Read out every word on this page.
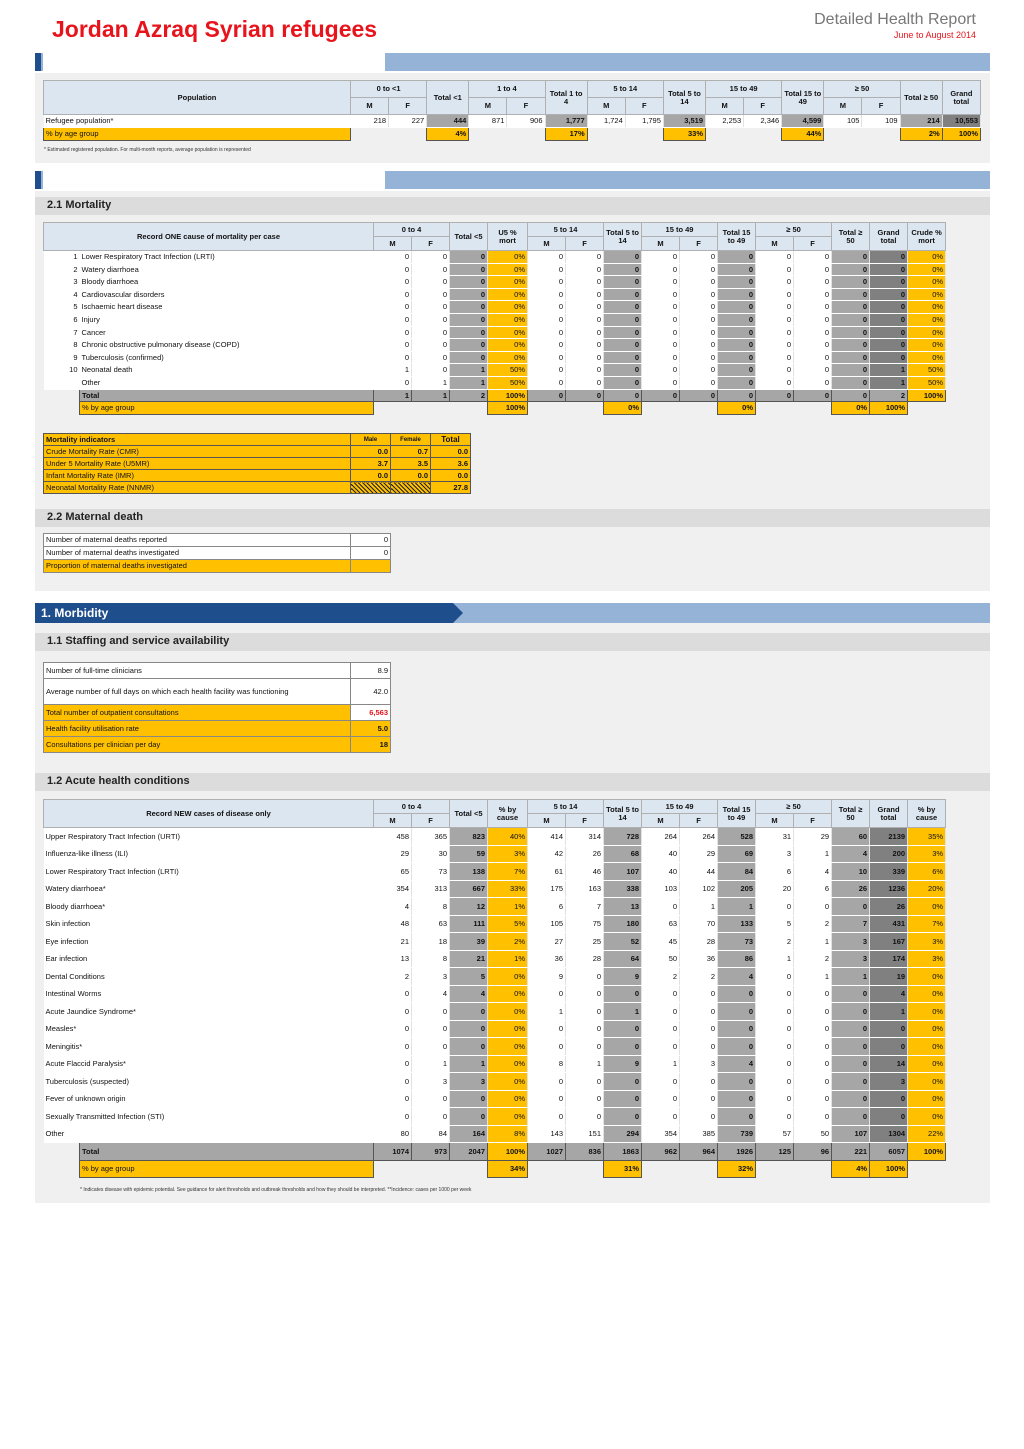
Jordan Azraq Syrian refugees	Detailed Health Report
June to August 2014
Population	0 to <1		Total <1	1 to 4		Total 1 to 4	5 to 14		Total 5 to 14	15 to 49		Total 15 to 49	≥ 50		Total ≥ 50	Grand total
	M	F		M	F		M	F		M	F		M	F		
Refugee population*	218	227	444	871	906	1,777	1,724	1,795	3,519	2,253	2,346	4,599	105	109	214	10,553
% by age group			4%			17%			33%			44%			2%	100%
* Estimated registered population. For multi-month reports, average population is represented
2.1 Mortality
Record ONE cause of mortality per case		0 to 4		Total <5	U5 % mort	5 to 14		Total 5 to 14	15 to 49		Total 15 to 49	≥ 50		Total ≥ 50	Grand total	Crude % mort
		M	F			M	F		M	F		M	F			
1	Lower Respiratory Tract Infection (LRTI)	0	0	0	0%	0	0	0	0	0	0	0	0	0	0	0%
2	Watery diarrhoea	0	0	0	0%	0	0	0	0	0	0	0	0	0	0	0%
3	Bloody diarrhoea	0	0	0	0%	0	0	0	0	0	0	0	0	0	0	0%
4	Cardiovascular disorders	0	0	0	0%	0	0	0	0	0	0	0	0	0	0	0%
5	Ischaemic heart disease	0	0	0	0%	0	0	0	0	0	0	0	0	0	0	0%
6	Injury	0	0	0	0%	0	0	0	0	0	0	0	0	0	0	0%
7	Cancer	0	0	0	0%	0	0	0	0	0	0	0	0	0	0	0%
8	Chronic obstructive pulmonary disease (COPD)	0	0	0	0%	0	0	0	0	0	0	0	0	0	0	0%
9	Tuberculosis (confirmed)	0	0	0	0%	0	0	0	0	0	0	0	0	0	0	0%
10	Neonatal death	1	0	1	50%	0	0	0	0	0	0	0	0	0	1	50%
	Other	0	1	1	50%	0	0	0	0	0	0	0	0	0	1	50%
	Total	1	1	2	100%	0	0	0	0	0	0	0	0	0	2	100%
	% by age group				100%			0%			0%			0%	100%	
Mortality indicators	Male	Female	Total
Crude Mortality Rate (CMR)	0.0	0.7	0.0
Under 5 Mortality Rate (U5MR)	3.7	3.5	3.6
Infant Mortality Rate (IMR)	0.0	0.0	0.0
Neonatal Mortality Rate (NNMR)			27.8
2.2 Maternal death
Number of maternal deaths reported	0
Number of maternal deaths investigated	0
Proportion of maternal deaths investigated	
1. Morbidity
1.1 Staffing and service availability
Number of full-time clinicians	8.9
Average number of full days on which each health facility was functioning	42.0
Total number of outpatient consultations	6,563
Health facility utilisation rate	5.0
Consultations per clinician per day	18
1.2 Acute health conditions
Record NEW cases of disease only		0 to 4		Total <5	% by cause	5 to 14		Total 5 to 14	15 to 49		Total 15 to 49	≥ 50		Total ≥ 50	Grand total	% by cause
		M	F			M	F		M	F		M	F			
Upper Respiratory Tract Infection (URTI)		458	365	823	40%	414	314	728	264	264	528	31	29	60	2139	35%
Influenza-like illness (ILI)		29	30	59	3%	42	26	68	40	29	69	3	1	4	200	3%
Lower Respiratory Tract Infection (LRTI)		65	73	138	7%	61	46	107	40	44	84	6	4	10	339	6%
Watery diarrhoea*		354	313	667	33%	175	163	338	103	102	205	20	6	26	1236	20%
Bloody diarrhoea*		4	8	12	1%	6	7	13	0	1	1	0	0	0	26	0%
Skin infection		48	63	111	5%	105	75	180	63	70	133	5	2	7	431	7%
Eye infection		21	18	39	2%	27	25	52	45	28	73	2	1	3	167	3%
Ear infection		13	8	21	1%	36	28	64	50	36	86	1	2	3	174	3%
Dental Conditions		2	3	5	0%	9	0	9	2	2	4	0	1	1	19	0%
Intestinal Worms		0	4	4	0%	0	0	0	0	0	0	0	0	0	4	0%
Acute Jaundice Syndrome*		0	0	0	0%	1	0	1	0	0	0	0	0	0	1	0%
Measles*		0	0	0	0%	0	0	0	0	0	0	0	0	0	0	0%
Meningitis*		0	0	0	0%	0	0	0	0	0	0	0	0	0	0	0%
Acute Flaccid Paralysis*		0	1	1	0%	8	1	9	1	3	4	0	0	0	14	0%
Tuberculosis (suspected)		0	3	3	0%	0	0	0	0	0	0	0	0	0	3	0%
Fever of unknown origin		0	0	0	0%	0	0	0	0	0	0	0	0	0	0	0%
Sexually Transmitted Infection (STI)		0	0	0	0%	0	0	0	0	0	0	0	0	0	0	0%
Other		80	84	164	8%	143	151	294	354	385	739	57	50	107	1304	22%
	Total	1074	973	2047	100%	1027	836	1863	962	964	1926	125	96	221	6057	100%
	% by age group				34%			31%			32%			4%	100%	
* Indicates disease with epidemic potential. See guidance for alert thresholds and outbreak thresholds and how they should be interpreted. **Incidence: cases per 1000 per week
